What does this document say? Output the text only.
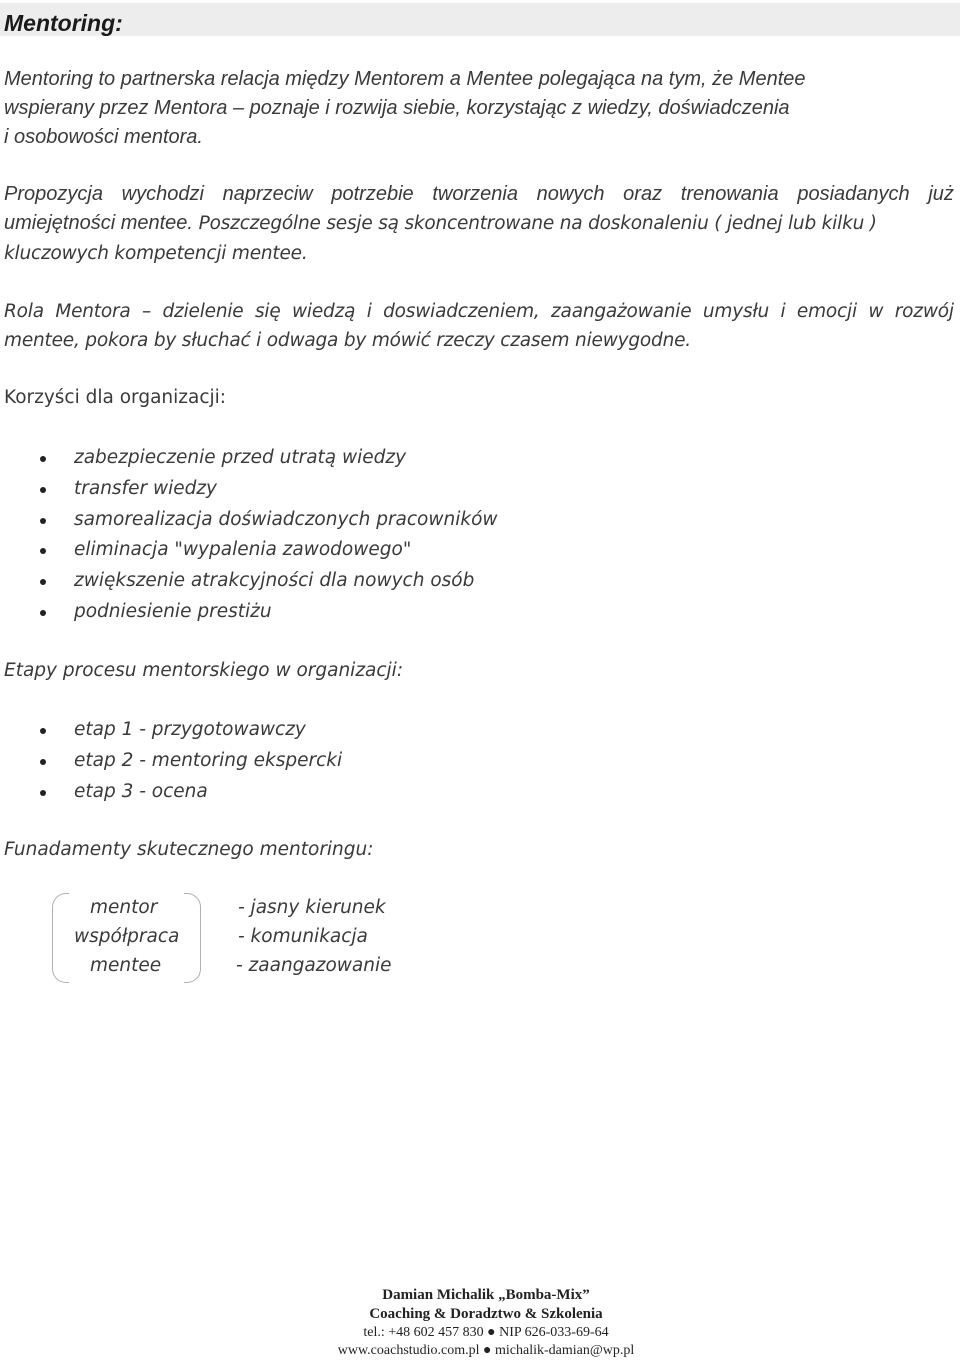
Mentoring:
Mentoring to partnerska relacja między Mentorem a Mentee polegająca na tym, że Mentee
wspierany przez Mentora – poznaje i rozwija siebie, korzystając z wiedzy, doświadczenia
i osobowości mentora.
Propozycja wychodzi naprzeciw potrzebie tworzenia nowych oraz trenowania posiadanych już
umiejętności mentee. Poszczególne sesje są skoncentrowane na doskonaleniu ( jednej lub kilku )
kluczowych kompetencji mentee.
Rola Mentora – dzielenie się wiedzą i doswiadczeniem, zaangażowanie umysłu i emocji w rozwój
mentee, pokora by słuchać i odwaga by mówić rzeczy czasem niewygodne.
Korzyści dla organizacji:
zabezpieczenie przed utratą wiedzy
transfer wiedzy
samorealizacja doświadczonych pracowników
eliminacja "wypalenia zawodowego"
zwiększenie atrakcyjności dla nowych osób
podniesienie prestiżu
Etapy procesu mentorskiego w organizacji:
etap 1 - przygotowawczy
etap 2 - mentoring ekspercki
etap 3 - ocena
Funadamenty skutecznego mentoringu:
mentor
współpraca
mentee
- jasny kierunek
- komunikacja
- zaangazowanie
Damian Michalik „Bomba-Mix”
Coaching & Doradztwo & Szkolenia
tel.: +48 602 457 830 ● NIP 626-033-69-64
www.coachstudio.com.pl ● michalik-damian@wp.pl
